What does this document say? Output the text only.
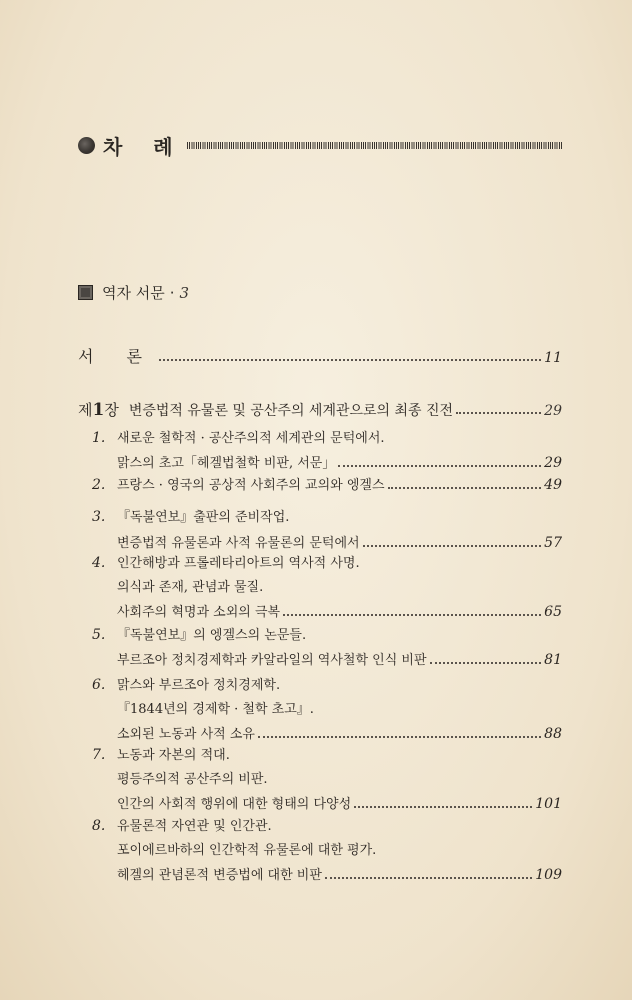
차 례
역자 서문 · 3
서 론	11
제 1 장 변증법적 유물론 및 공산주의 세계관으로의 최종 진전	29
1. 새로운 철학적 · 공산주의적 세계관의 문턱에서.
맑스의 초고「헤겔법철학 비판, 서문」	29
2. 프랑스 · 영국의 공상적 사회주의 교의와 엥겔스	49
3. 『독불연보』출판의 준비작업.
변증법적 유물론과 사적 유물론의 문턱에서	57
4. 인간해방과 프롤레타리아트의 역사적 사명.
의식과 존재, 관념과 물질.
사회주의 혁명과 소외의 극복	65
5. 『독불연보』의 엥겔스의 논문들.
부르조아 정치경제학과 카알라일의 역사철학 인식 비판	81
6. 맑스와 부르조아 정치경제학.
『1844년의 경제학 · 철학 초고』.
소외된 노동과 사적 소유	88
7. 노동과 자본의 적대.
평등주의적 공산주의 비판.
인간의 사회적 행위에 대한 형태의 다양성	101
8. 유물론적 자연관 및 인간관.
포이에르바하의 인간학적 유물론에 대한 평가.
헤겔의 관념론적 변증법에 대한 비판	109
